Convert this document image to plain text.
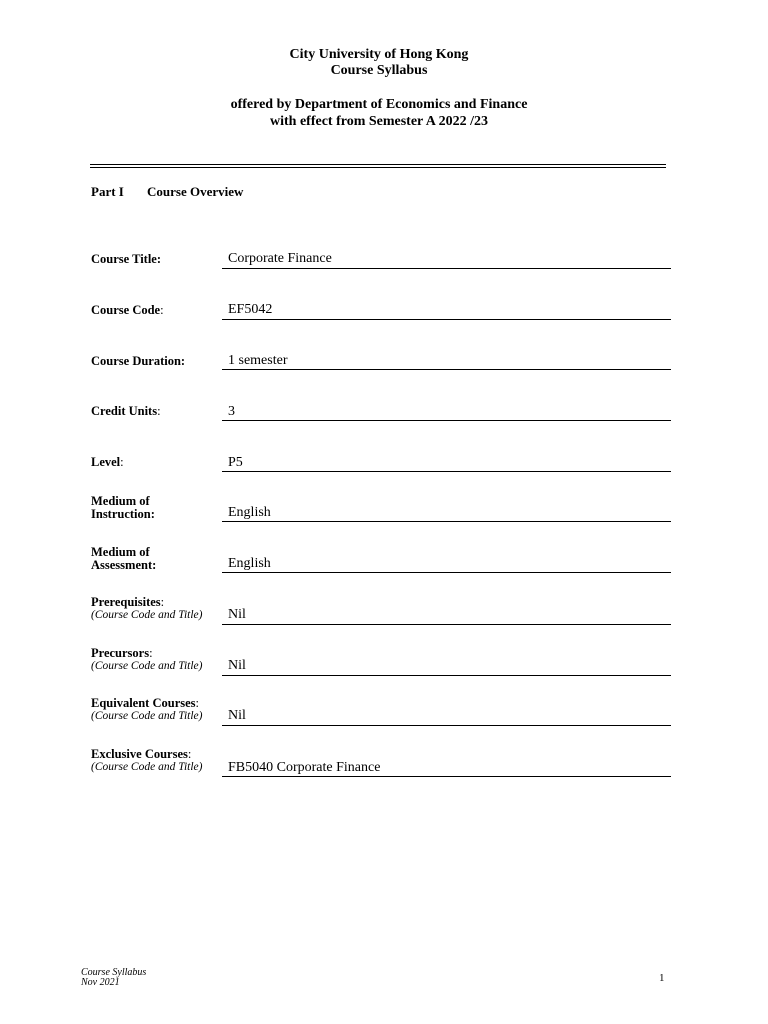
City University of Hong Kong
Course Syllabus
offered by Department of Economics and Finance
with effect from Semester A 2022 /23
Part I Course Overview
Course Title:	Corporate Finance
Course Code:	EF5042
Course Duration:	1 semester
Credit Units:	3
Level:	P5
Medium of
Instruction:	English
Medium of
Assessment:	English
Prerequisites:
(Course Code and Title)	Nil
Precursors:
(Course Code and Title)	Nil
Equivalent Courses:
(Course Code and Title)	Nil
Exclusive Courses:
(Course Code and Title)	FB5040 Corporate Finance
Course Syllabus
Nov 2021	1
